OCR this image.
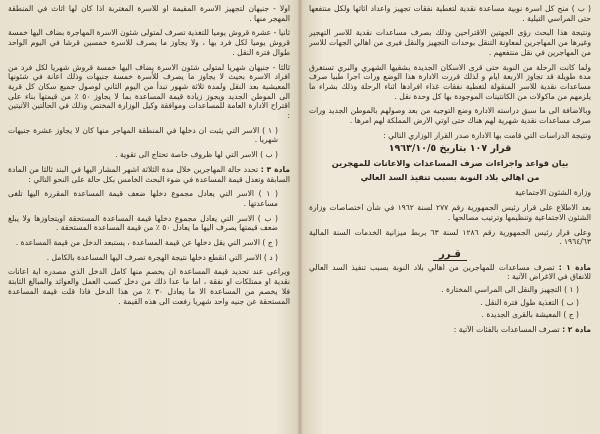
اولا - جنيهان لتجهيز الاسرة المقيمة او للاسرة المغتربة اذا كان لها اثاث في المنطقة المهجر منها .

ثانيا - عشرة قروش يوميا للتغذية تصرف لمتولى شئون الاسرة المهاجرة بضاف اليها خمسة قروش يوميا لكل فرد بها ، ولا يجاوز ما يصرف للاسرة خمسين قرشا في اليوم الواحد طوال فترة النقل .

ثالثا - جنيهان شهريا لمتولى شئون الاسرة يضاف اليها خمسة قروش شهريا لكل فرد من افراد الاسرة بحيث لا يجاوز ما يصرف للأسرة خمسة جنيهات وذلك اعانة في شئونها المعيشية بعد النقل ولمدة ثلاثة شهور تبدأ من اليوم الثاني لوصول جميع سكان كل قرية الى الموطن الجديد ويجوز زيادة قيمة المساعدة بما لا يجاوز ٥٠ ٪ من قيمتها بناء على اقتراح الادارة العامة للمساعدات وموافقة وكيل الوزارة المختص وذلك في الحالتين الآتيتين :

( ١ ) الاسر التي يثبت ان دخلها في المنطقة المهاجر منها كان لا يجاوز عشرة جنيهات شهريا .

( ب ) الاسر التي لها ظروف خاصة تحتاج الى تقوية .

مادة ٣ : تحدد حالة المهاجرين خلال مدة الثلاثة اشهر المشار اليها في البند ثالثا من المادة السابقة وتعدل قيمة المساعدة في ضوء البحث الخامس بكل حالة على النحو التالي :

( ١ ) الاسر التي يعادل مجموع دخلها ضعف قيمة المساعدة المقررة اليها تلغى مساعدتها .

( ب ) الاسر التي يعادل مجموع دخلها قيمة المساعدة المستحقة اويتجاوزها ولا يبلغ ضعف قيمتها يصرف اليها ما يعادل ٥٠ ٪ من قيمة المساعدة المستحقة .

( ج ) الاسر التي يقل دخلها عن قيمة المساعدة ، يستبعد الدخل من قيمة المساعدة .

( د ) الاسر التي انقطع دخلها نتيجة الهجرة تصرف اليها المساعدة بالكامل .

ويراعى عند تحديد قيمة المساعدة ان يخصم منها كامل الدخل الذي مصدره اية اعانات نقدية او ممتلكات او نفقة ، اما ما عدا ذلك من دخل كسب العمل والعوائد والمبالغ الثابتة فلا يخصم من المساعدة الا ما يعادل ٣٠ ٪ من هذا الدخل فاذا قلت قيمة المساعدة المستحقة عن جنيه واحد شهريا رفعت الى هذه القيمة .

( ب ) منح كل اسرة نوبية مساعدة نقدية لتغطية نفقات تجهيز واعداد اثاثها ولكل منتفعها حتى المراسي التيلية .

ونتيجة هذا البحث رؤى الجهتين الاقتراحين وذلك بصرف مساعدات نقدية للاسر التهجير وغيرها من المهاجرين لمعاونة التنقل بوحدات التجهيز والنقل فيرى من اهالي الجهات للاسر من المهاجرين في نقل منتفعهم .

ولما كانت الرحلة من النوبة حتى قرى الاسكان الجديدة بشقيها الشهري والبري تستغرق مدة طويلة قد تجاوز الاربعة ايام و لذلك قررت الادارة هذا الوضع ورات اجرا طبيا صرف مساعدات نقدية للاسر المنقولة لتغطية نفقات غذاء افرادها اثناء الرحلة وذلك بشراء ما يلزمهم من ماكولات من الكانتينات الموجودة بها كل وحدة نقل .

وبالاضافة الى ما سبق دراسته الادارة وضع التوجيه من بعد وصولهم بالموطن الجديد ورات صرف مساعدات نقدية شهرية لهم هناك حتى اوتي الارض المملكة لهم امرها .

ونتيجة الدراسات التي قامت بها الادارة صدر القرار الوزاري التالي :

قرار ١٠٧ بتاريخ ١٩٦٣/١٠/٥

بيان قواعد واجراءات صرف المساعدات والاعانات للمهجرين

من اهالي بلاد النوبة بسبب تنفيذ السد العالي

وزارة الشئون الاجتماعية

بعد الاطلاع على قرار رئيس الجمهورية رقم ٢٧٧ لسنة ١٩٦٢ في شأن اختصاصات وزارة الشئون الاجتماعية وتنظيمها وترتيب مصالحها .

وعلى قرار رئيس الجمهورية رقم ١٢٨٦ لسنة ٦٣ بربط ميزانية الخدمات السنة المالية ١٩٦٤/٦٣ .

قـرر

مادة ١ : تصرف مساعدات للمهاجرين من اهالي بلاد النوبة بسبب تنفيذ السد العالي للانفاق في الاغراض الآتية :

( ١ ) التجهيز والنقل الى المراسي المختارة .

( ب ) التغذية طول فترة النقل .

( ج ) المعيشة بالقرى الجديدة .

مادة ٢ : تصرف المساعدات بالفئات الآتية :
